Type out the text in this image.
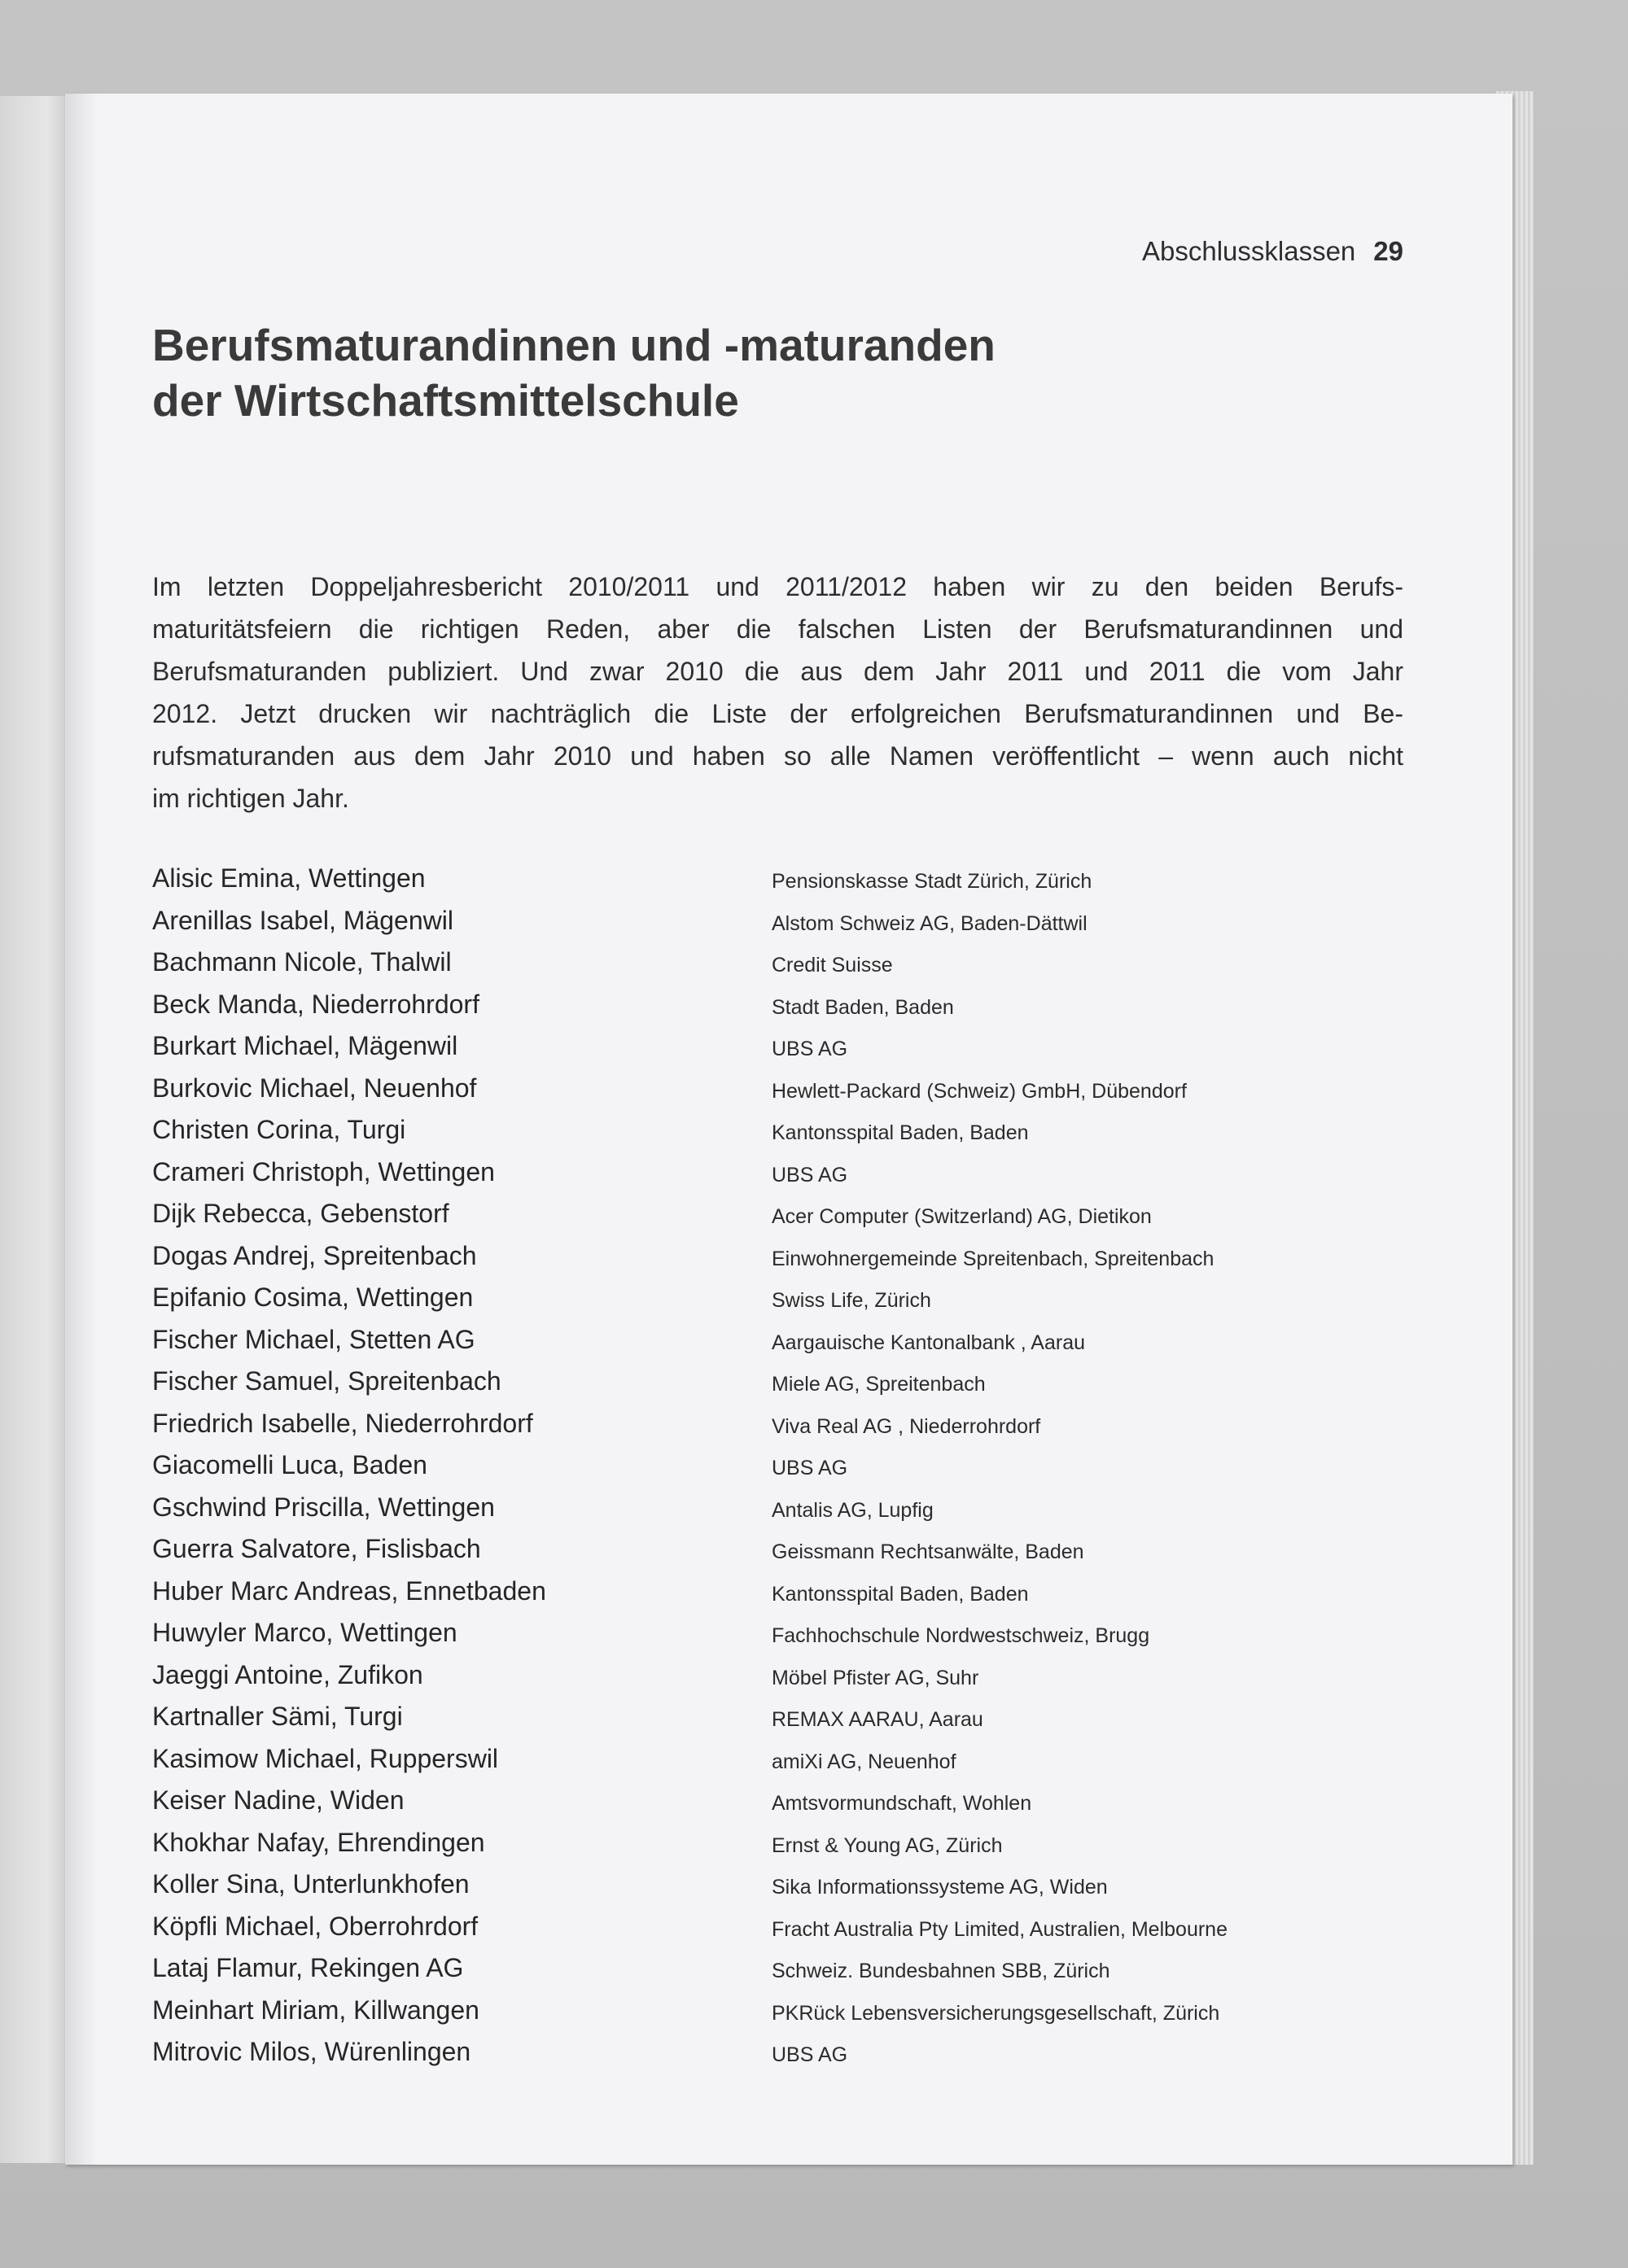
Abschlussklassen 29
Berufsmaturandinnen und -maturanden
der Wirtschaftsmittelschule

Im letzten Doppeljahresbericht 2010/2011 und 2011/2012 haben wir zu den beiden Berufs-
maturitätsfeiern die richtigen Reden, aber die falschen Listen der Berufsmaturandinnen und
Berufsmaturanden publiziert. Und zwar 2010 die aus dem Jahr 2011 und 2011 die vom Jahr
2012. Jetzt drucken wir nachträglich die Liste der erfolgreichen Berufsmaturandinnen und Be-
rufsmaturanden aus dem Jahr 2010 und haben so alle Namen veröffentlicht – wenn auch nicht
im richtigen Jahr.

Alisic Emina, Wettingen
Arenillas Isabel, Mägenwil
Bachmann Nicole, Thalwil
Beck Manda, Niederrohrdorf
Burkart Michael, Mägenwil
Burkovic Michael, Neuenhof
Christen Corina, Turgi
Crameri Christoph, Wettingen
Dijk Rebecca, Gebenstorf
Dogas Andrej, Spreitenbach
Epifanio Cosima, Wettingen
Fischer Michael, Stetten AG
Fischer Samuel, Spreitenbach
Friedrich Isabelle, Niederrohrdorf
Giacomelli Luca, Baden
Gschwind Priscilla, Wettingen
Guerra Salvatore, Fislisbach
Huber Marc Andreas, Ennetbaden
Huwyler Marco, Wettingen
Jaeggi Antoine, Zufikon
Kartnaller Sämi, Turgi
Kasimow Michael, Rupperswil
Keiser Nadine, Widen
Khokhar Nafay, Ehrendingen
Koller Sina, Unterlunkhofen
Köpfli Michael, Oberrohrdorf
Lataj Flamur, Rekingen AG
Meinhart Miriam, Killwangen
Mitrovic Milos, Würenlingen
Pensionskasse Stadt Zürich, Zürich
Alstom Schweiz AG, Baden-Dättwil
Credit Suisse
Stadt Baden, Baden
UBS AG
Hewlett-Packard (Schweiz) GmbH, Dübendorf
Kantonsspital Baden, Baden
UBS AG
Acer Computer (Switzerland) AG, Dietikon
Einwohnergemeinde Spreitenbach, Spreitenbach
Swiss Life, Zürich
Aargauische Kantonalbank , Aarau
Miele AG, Spreitenbach
Viva Real AG , Niederrohrdorf
UBS AG
Antalis AG, Lupfig
Geissmann Rechtsanwälte, Baden
Kantonsspital Baden, Baden
Fachhochschule Nordwestschweiz, Brugg
Möbel Pfister AG, Suhr
REMAX AARAU, Aarau
amiXi AG, Neuenhof
Amtsvormundschaft, Wohlen
Ernst & Young AG, Zürich
Sika Informationssysteme AG, Widen
Fracht Australia Pty Limited, Australien, Melbourne
Schweiz. Bundesbahnen SBB, Zürich
PKRück Lebensversicherungsgesellschaft, Zürich
UBS AG
